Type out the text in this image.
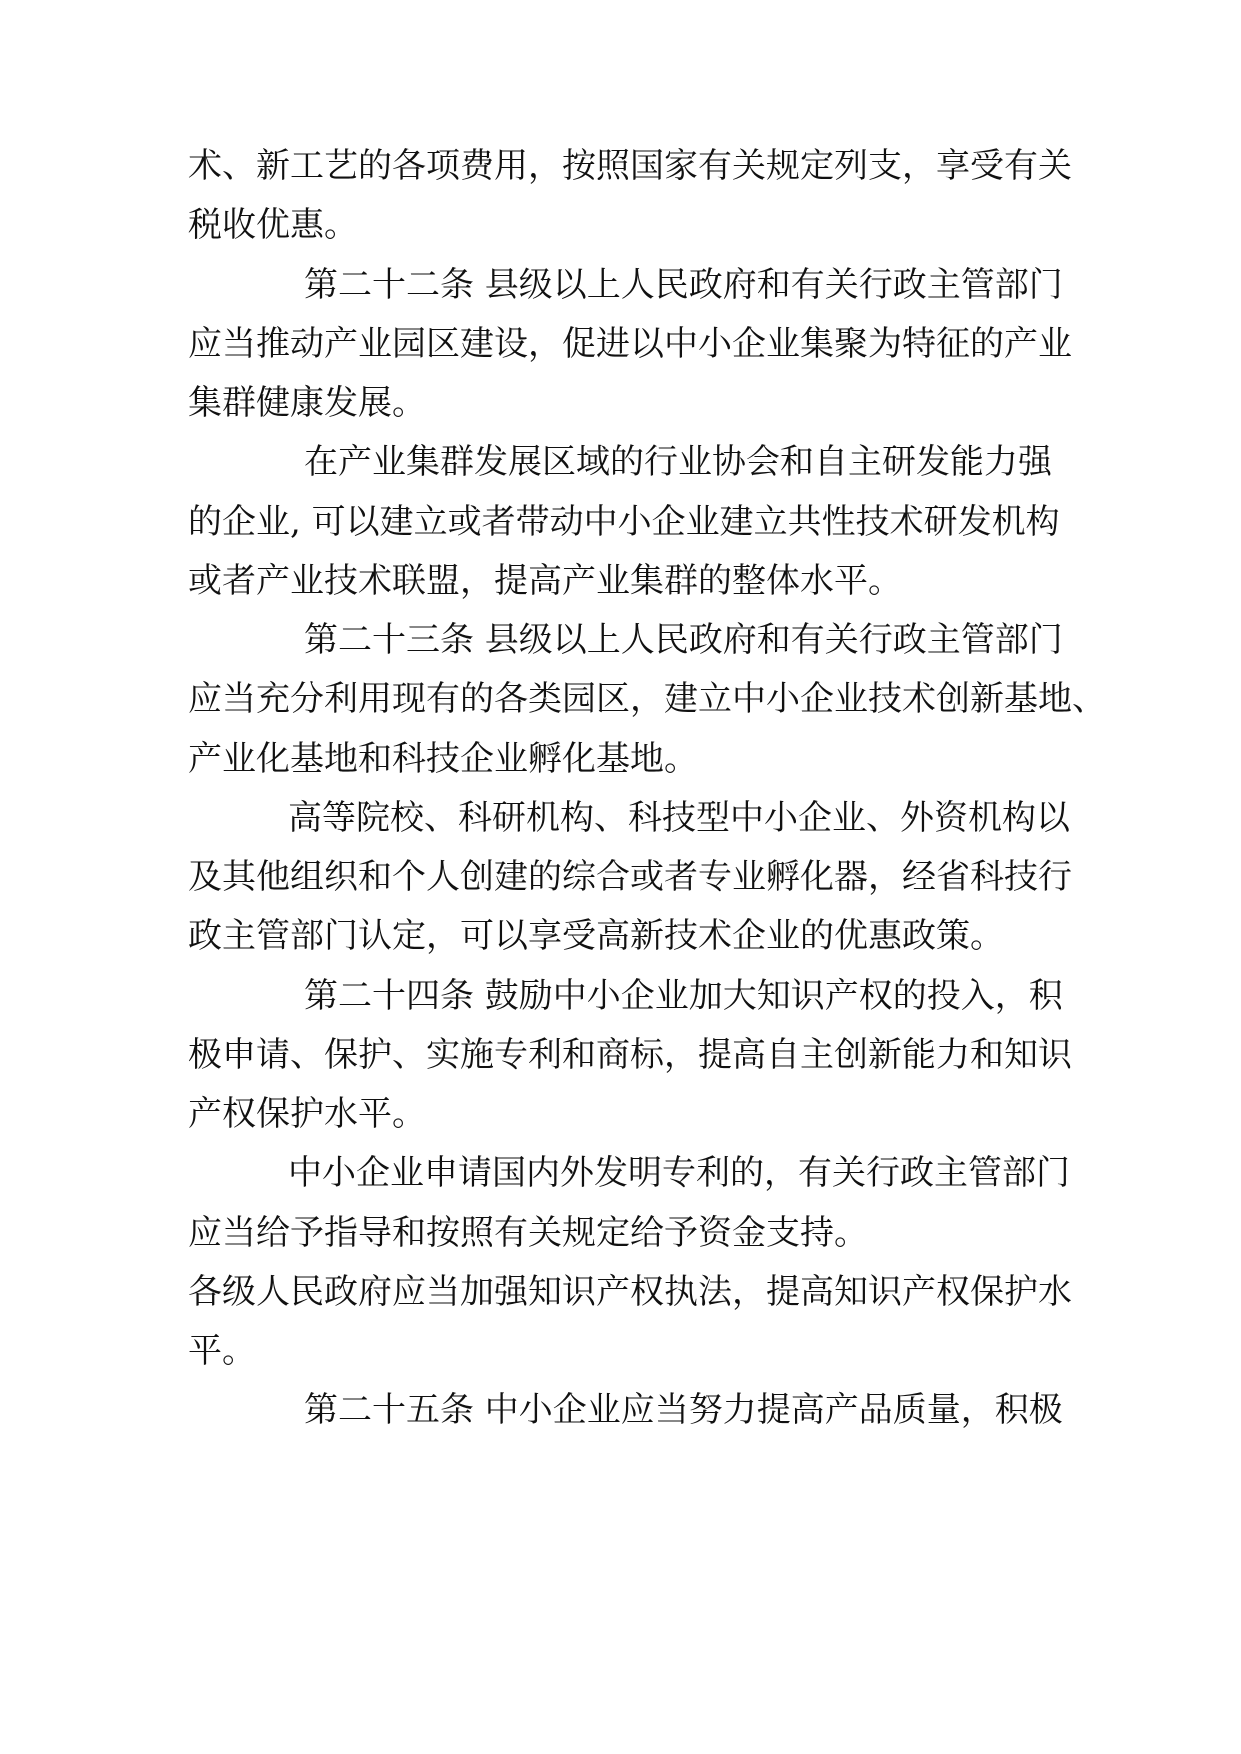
术、新工艺的各项费用，按照国家有关规定列支，享受有关
税收优惠。
第二十二条 县级以上人民政府和有关行政主管部门
应当推动产业园区建设，促进以中小企业集聚为特征的产业
集群健康发展。
在产业集群发展区域的行业协会和自主研发能力强
的企业, 可以建立或者带动中小企业建立共性技术研发机构
或者产业技术联盟，提高产业集群的整体水平。
第二十三条 县级以上人民政府和有关行政主管部门
应当充分利用现有的各类园区，建立中小企业技术创新基地、
产业化基地和科技企业孵化基地。
高等院校、科研机构、科技型中小企业、外资机构以
及其他组织和个人创建的综合或者专业孵化器，经省科技行
政主管部门认定，可以享受高新技术企业的优惠政策。
第二十四条 鼓励中小企业加大知识产权的投入，积
极申请、保护、实施专利和商标，提高自主创新能力和知识
产权保护水平。
中小企业申请国内外发明专利的，有关行政主管部门
应当给予指导和按照有关规定给予资金支持。
各级人民政府应当加强知识产权执法，提高知识产权保护水
平。
第二十五条 中小企业应当努力提高产品质量，积极
